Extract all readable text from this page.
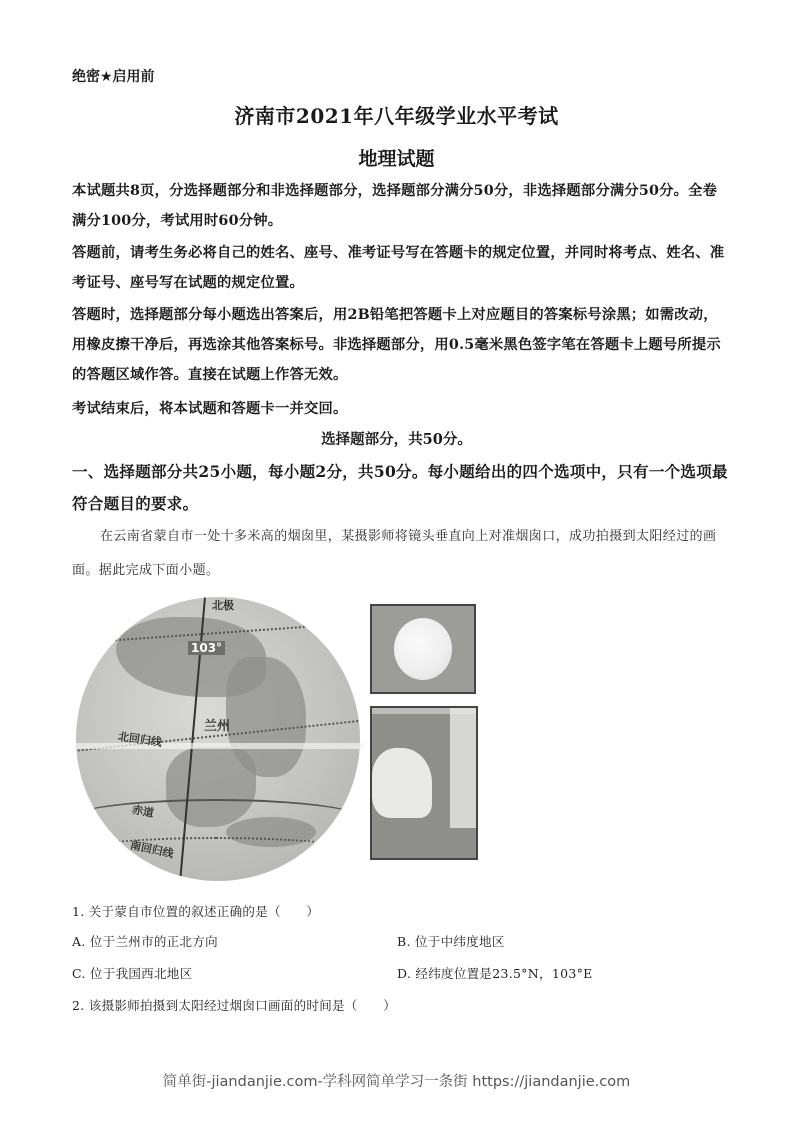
绝密★启用前
济南市2021年八年级学业水平考试
地理试题

本试题共8页，分选择题部分和非选择题部分，选择题部分满分50分，非选择题部分满分50分。全卷满分100分，考试用时60分钟。

答题前，请考生务必将自己的姓名、座号、准考证号写在答题卡的规定位置，并同时将考点、姓名、准考证号、座号写在试题的规定位置。

答题时，选择题部分每小题选出答案后，用2B铅笔把答题卡上对应题目的答案标号涂黑；如需改动，用橡皮擦干净后，再选涂其他答案标号。非选择题部分，用0.5毫米黑色签字笔在答题卡上题号所提示的答题区域作答。直接在试题上作答无效。

考试结束后，将本试题和答题卡一并交回。

选择题部分，共50分。

一、选择题部分共25小题，每小题2分，共50分。每小题给出的四个选项中，只有一个选项最符合题目的要求。

在云南省蒙自市一处十多米高的烟囱里，某摄影师将镜头垂直向上对准烟囱口，成功拍摄到太阳经过的画面。据此完成下面小题。

北极
103°
兰州
北回归线
赤道
南回归线
1. 关于蒙自市位置的叙述正确的是（　　）
A. 位于兰州市的正北方向	B. 位于中纬度地区
C. 位于我国西北地区	D. 经纬度位置是23.5°N，103°E
2. 该摄影师拍摄到太阳经过烟囱口画面的时间是（　　）
简单街-jiandanjie.com-学科网简单学习一条街 https://jiandanjie.com
